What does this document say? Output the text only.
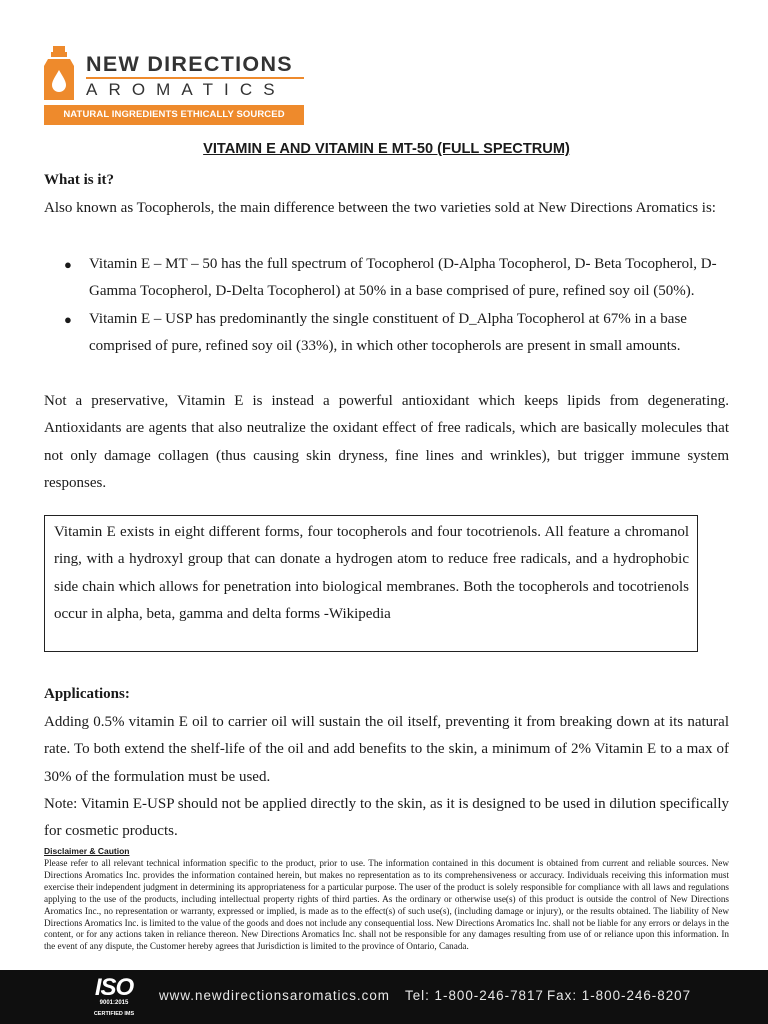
NEW DIRECTIONS
AROMATICS
NATURAL INGREDIENTS ETHICALLY SOURCED
VITAMIN E AND VITAMIN E MT-50 (FULL SPECTRUM)
What is it?
Also known as Tocopherols, the main difference between the two varieties sold at New Directions Aromatics is:
● Vitamin E – MT – 50 has the full spectrum of Tocopherol (D-Alpha Tocopherol, D- Beta Tocopherol, D-Gamma Tocopherol, D-Delta Tocopherol) at 50% in a base comprised of pure, refined soy oil (50%).
● Vitamin E – USP has predominantly the single constituent of D_Alpha Tocopherol at 67% in a base comprised of pure, refined soy oil (33%), in which other tocopherols are present in small amounts.
Not a preservative, Vitamin E is instead a powerful antioxidant which keeps lipids from degenerating. Antioxidants are agents that also neutralize the oxidant effect of free radicals, which are basically molecules that not only damage collagen (thus causing skin dryness, fine lines and wrinkles), but trigger immune system responses.
Vitamin E exists in eight different forms, four tocopherols and four tocotrienols. All feature a chromanol ring, with a hydroxyl group that can donate a hydrogen atom to reduce free radicals, and a hydrophobic side chain which allows for penetration into biological membranes. Both the tocopherols and tocotrienols occur in alpha, beta, gamma and delta forms -Wikipedia
Applications:
Adding 0.5% vitamin E oil to carrier oil will sustain the oil itself, preventing it from breaking down at its natural rate. To both extend the shelf-life of the oil and add benefits to the skin, a minimum of 2% Vitamin E to a max of 30% of the formulation must be used.
Note: Vitamin E-USP should not be applied directly to the skin, as it is designed to be used in dilution specifically for cosmetic products.
Disclaimer & Caution
Please refer to all relevant technical information specific to the product, prior to use. The information contained in this document is obtained from current and reliable sources. New Directions Aromatics Inc. provides the information contained herein, but makes no representation as to its comprehensiveness or accuracy. Individuals receiving this information must exercise their independent judgment in determining its appropriateness for a particular purpose. The user of the product is solely responsible for compliance with all laws and regulations applying to the use of the products, including intellectual property rights of third parties. As the ordinary or otherwise use(s) of this product is outside the control of New Directions Aromatics Inc., no representation or warranty, expressed or implied, is made as to the effect(s) of such use(s), (including damage or injury), or the results obtained. The liability of New Directions Aromatics Inc. is limited to the value of the goods and does not include any consequential loss. New Directions Aromatics Inc. shall not be liable for any errors or delays in the content, or for any actions taken in reliance thereon. New Directions Aromatics Inc. shall not be responsible for any damages resulting from use of or reliance upon this information. In the event of any dispute, the Customer hereby agrees that Jurisdiction is limited to the province of Ontario, Canada.
ISO
9001:2015
CERTIFIED IMS
www.newdirectionsaromatics.com Tel: 1-800-246-7817 Fax: 1-800-246-8207
